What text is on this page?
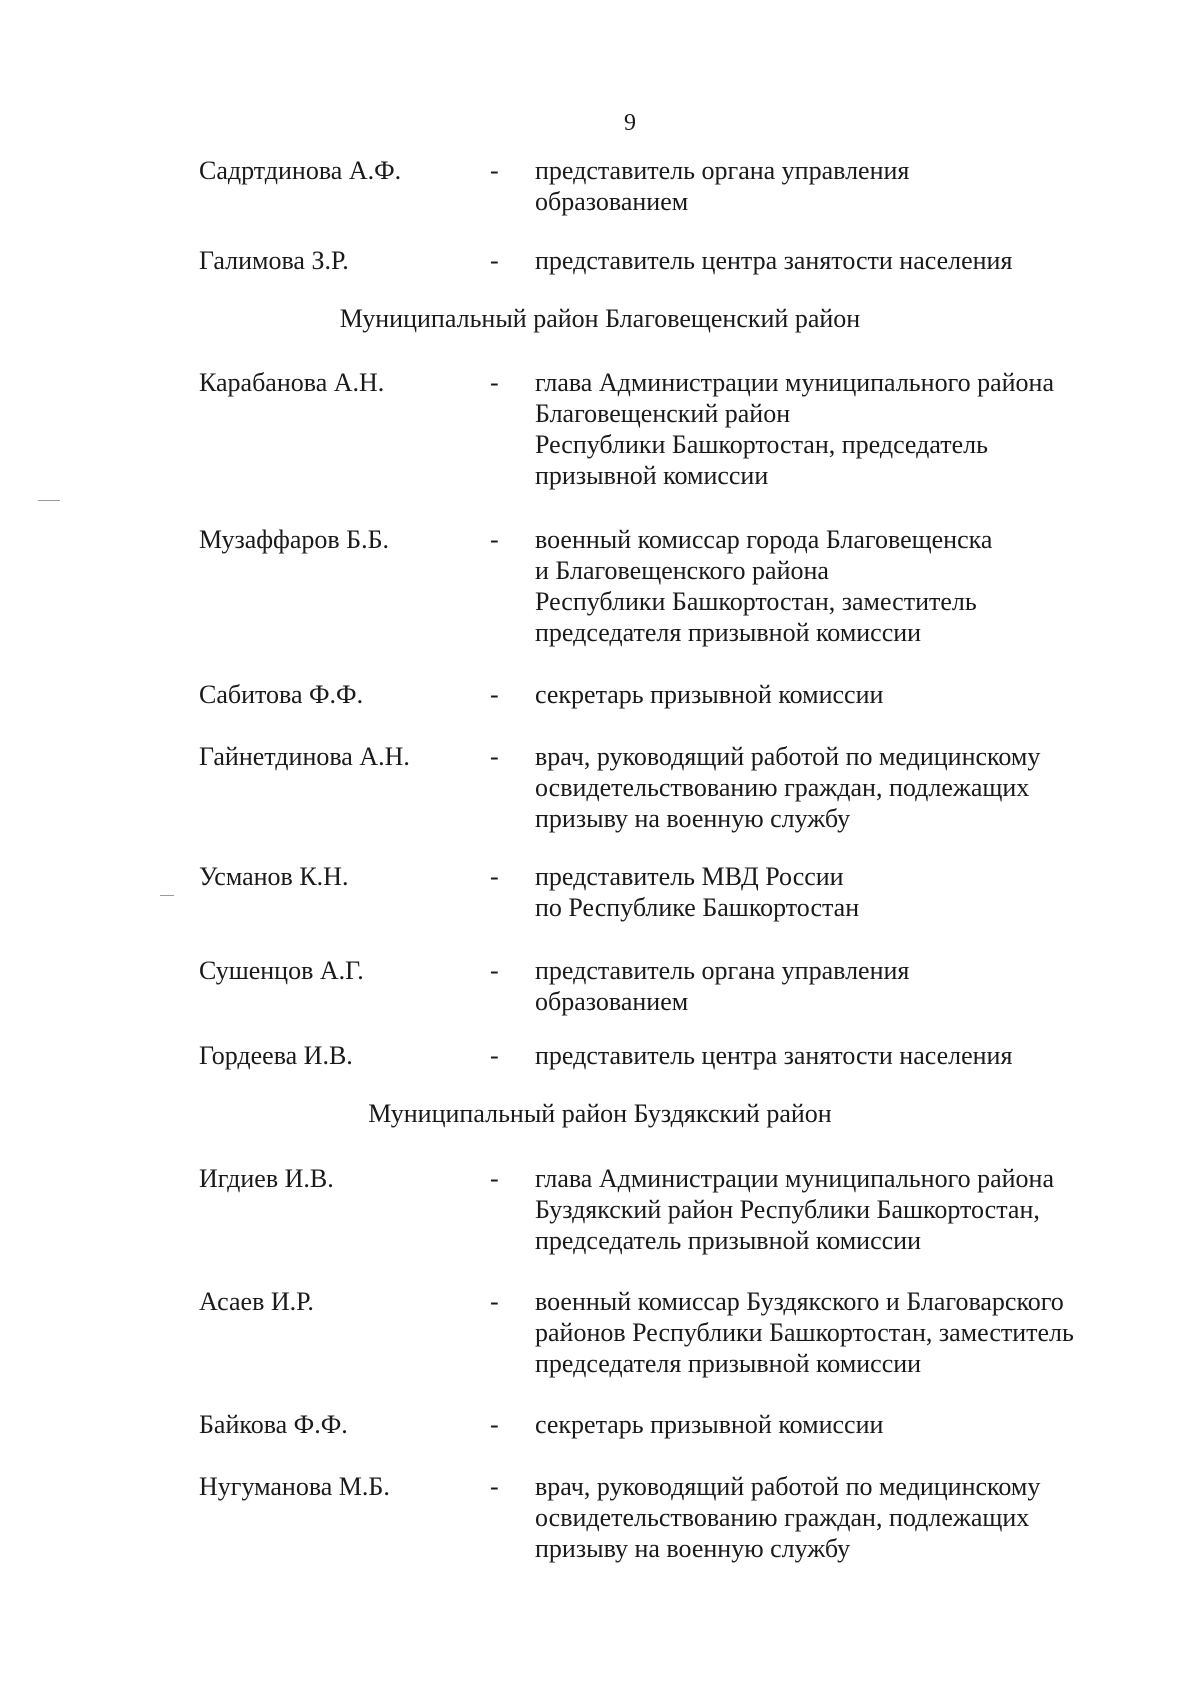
9
Садртдинова А.Ф.	- представитель органа управления
образованием
Галимова З.Р.	- представитель центра занятости населения
Муниципальный район Благовещенский район
Карабанова А.Н.	- глава Администрации муниципального района
Благовещенский район
Республики Башкортостан, председатель
призывной комиссии
Музаффаров Б.Б.	- военный комиссар города Благовещенска
и Благовещенского района
Республики Башкортостан, заместитель
председателя призывной комиссии
Сабитова Ф.Ф.	- секретарь призывной комиссии
Гайнетдинова А.Н.	- врач, руководящий работой по медицинскому
освидетельствованию граждан, подлежащих
призыву на военную службу
Усманов К.Н.	- представитель МВД России
по Республике Башкортостан
Сушенцов А.Г.	- представитель органа управления
образованием
Гордеева И.В.	- представитель центра занятости населения
Муниципальный район Буздякский район
Игдиев И.В.	- глава Администрации муниципального района
Буздякский район Республики Башкортостан,
председатель призывной комиссии
Асаев И.Р.	- военный комиссар Буздякского и Благоварского
районов Республики Башкортостан, заместитель
председателя призывной комиссии
Байкова Ф.Ф.	- секретарь призывной комиссии
Нугуманова М.Б.	- врач, руководящий работой по медицинскому
освидетельствованию граждан, подлежащих
призыву на военную службу
